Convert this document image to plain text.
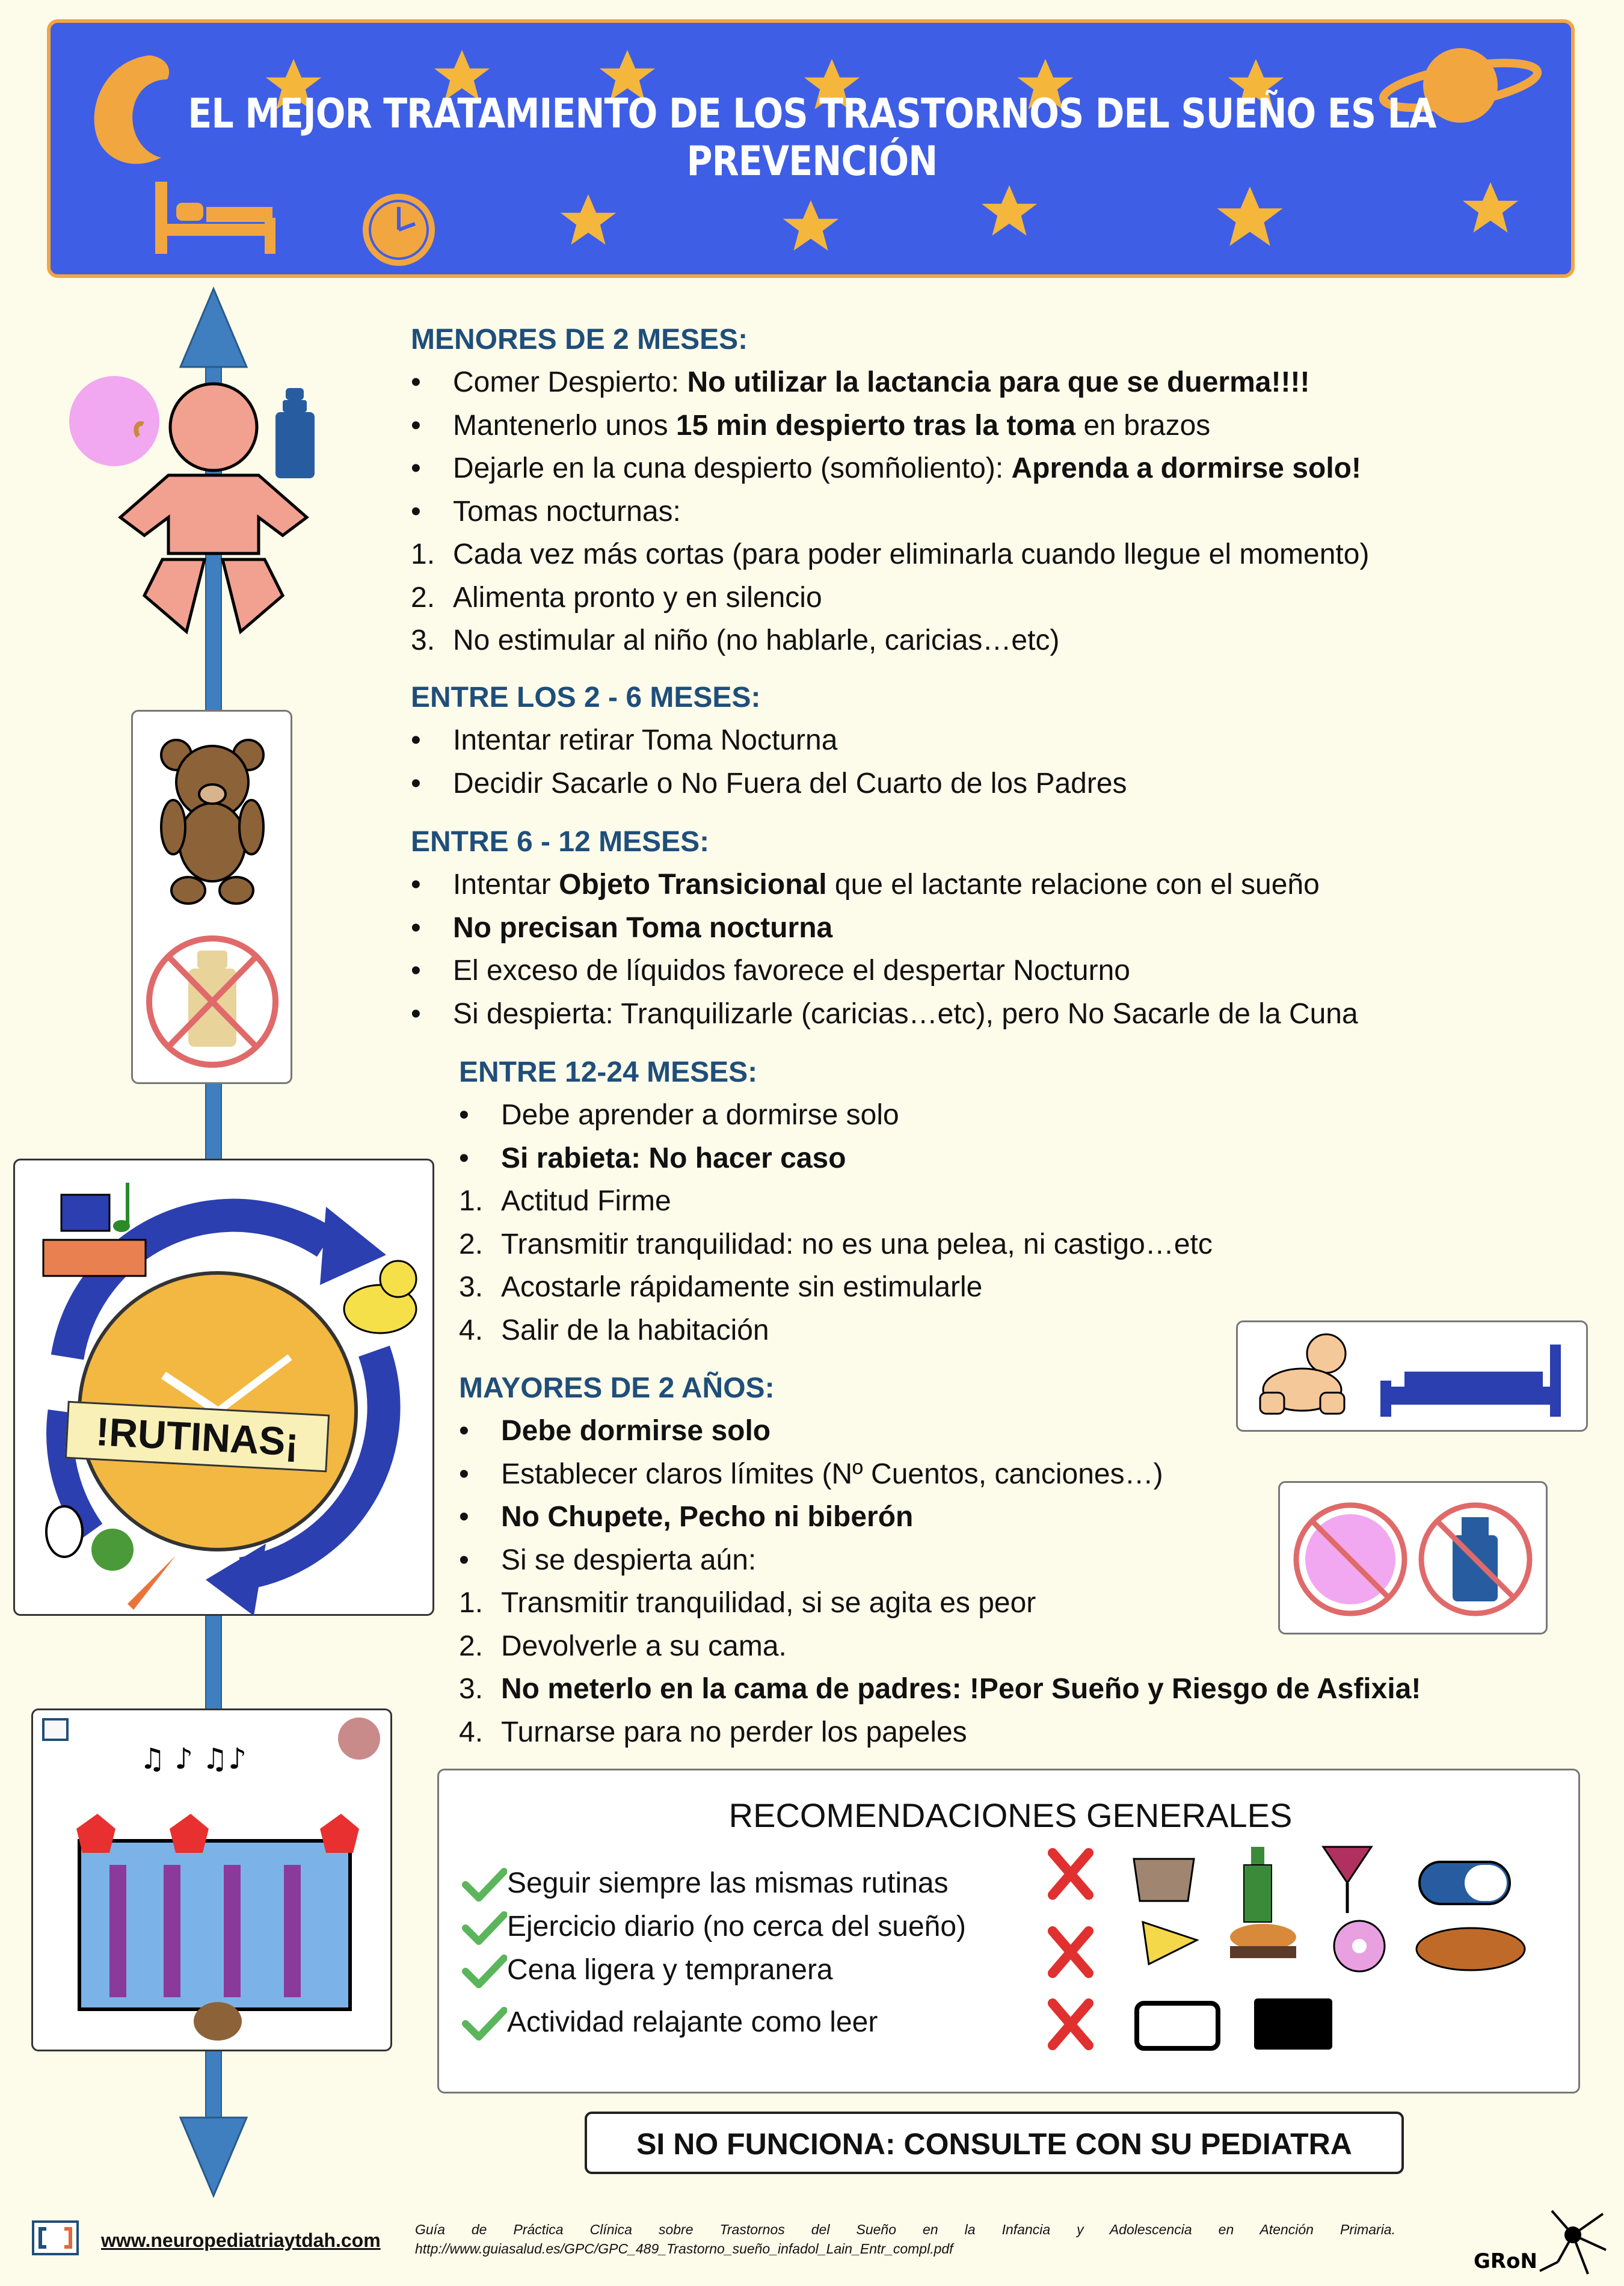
EL MEJOR TRATAMIENTO DE LOS TRASTORNOS DEL SUEÑO ES LA PREVENCIÓN
!RUTINAS¡
♫ ♪ ♫♪
MENORES DE 2 MESES:
• Comer Despierto: No utilizar la lactancia para que se duerma!!!!
• Mantenerlo unos 15 min despierto tras la toma en brazos
• Dejarle en la cuna despierto (somñoliento): Aprenda a dormirse solo!
• Tomas nocturnas:
1. Cada vez más cortas (para poder eliminarla cuando llegue el momento)
2. Alimenta pronto y en silencio
3. No estimular al niño (no hablarle, caricias…etc)
ENTRE LOS 2 - 6 MESES:
• Intentar retirar Toma Nocturna
• Decidir Sacarle o No Fuera del Cuarto de los Padres
ENTRE 6 - 12 MESES:
• Intentar Objeto Transicional que el lactante relacione con el sueño
• No precisan Toma nocturna
• El exceso de líquidos favorece el despertar Nocturno
• Si despierta: Tranquilizarle (caricias…etc), pero No Sacarle de la Cuna
ENTRE 12-24 MESES:
• Debe aprender a dormirse solo
• Si rabieta: No hacer caso
1. Actitud Firme
2. Transmitir tranquilidad: no es una pelea, ni castigo…etc
3. Acostarle rápidamente sin estimularle
4. Salir de la habitación
MAYORES DE 2 AÑOS:
• Debe dormirse solo
• Establecer claros límites (Nº Cuentos, canciones…)
• No Chupete, Pecho ni biberón
• Si se despierta aún:
1. Transmitir tranquilidad, si se agita es peor
2. Devolverle a su cama.
3. No meterlo en la cama de padres: !Peor Sueño y Riesgo de Asfixia!
4. Turnarse para no perder los papeles
RECOMENDACIONES GENERALES
Seguir siempre las mismas rutinas
Ejercicio diario (no cerca del sueño)
Cena ligera y tempranera
Actividad relajante como leer
SI NO FUNCIONA: CONSULTE CON SU PEDIATRA
www.neuropediatriaytdah.com Guía de Práctica Clínica sobre Trastornos del Sueño en la Infancia y Adolescencia en Atención Primaria. http://www.guiasalud.es/GPC/GPC_489_Trastorno_sueño_infadol_Lain_Entr_compl.pdf
GRoN
